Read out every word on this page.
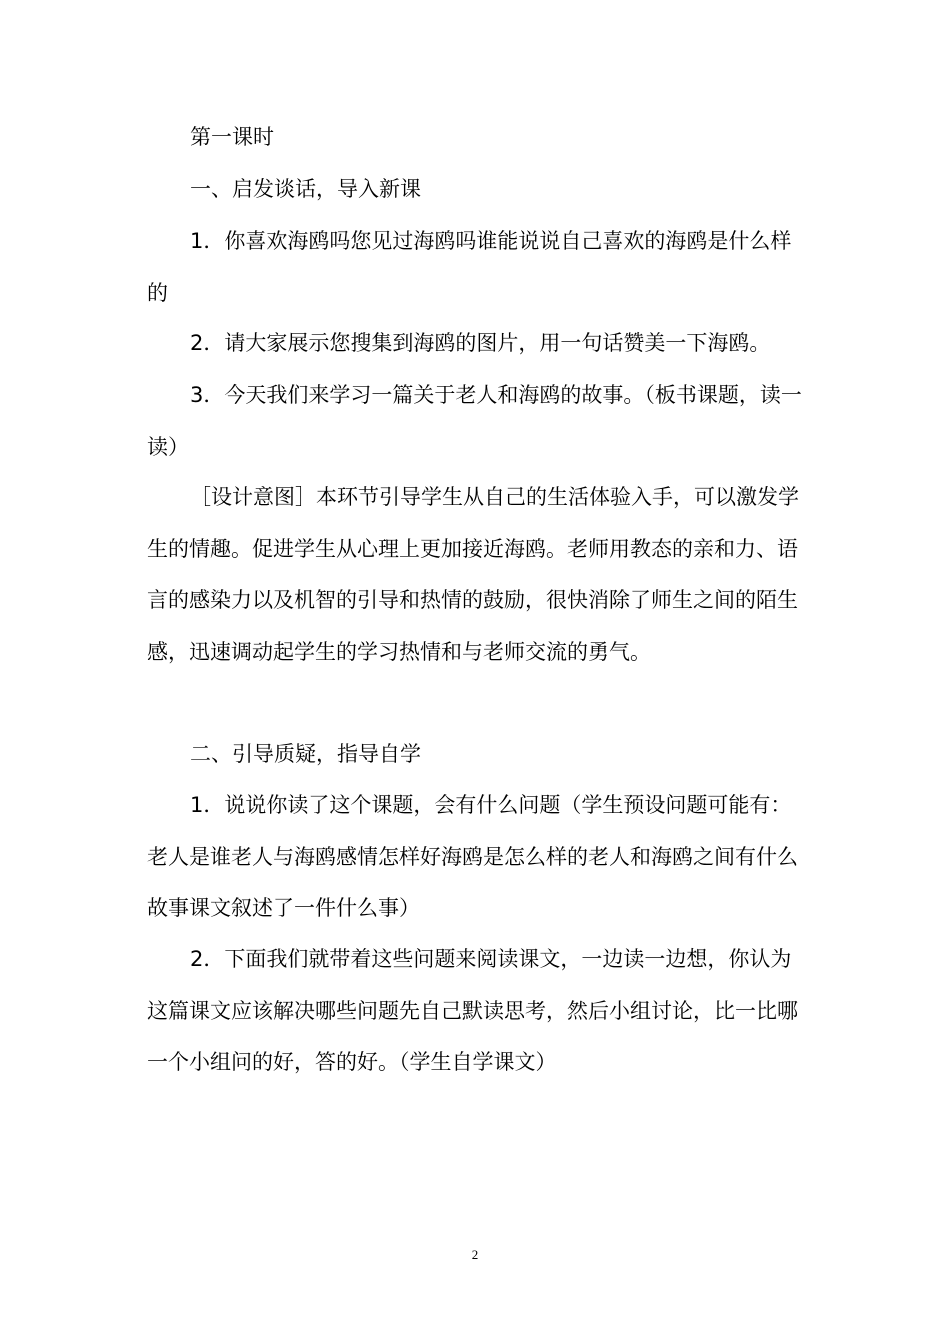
第一课时

一、启发谈话，导入新课

1．你喜欢海鸥吗您见过海鸥吗谁能说说自己喜欢的海鸥是什么样的

2．请大家展示您搜集到海鸥的图片，用一句话赞美一下海鸥。

3．今天我们来学习一篇关于老人和海鸥的故事。（板书课题，读一读）

［设计意图］本环节引导学生从自己的生活体验入手，可以激发学生的情趣。促进学生从心理上更加接近海鸥。老师用教态的亲和力、语言的感染力以及机智的引导和热情的鼓励，很快消除了师生之间的陌生感，迅速调动起学生的学习热情和与老师交流的勇气。

二、引导质疑，指导自学

1．说说你读了这个课题，会有什么问题（学生预设问题可能有：老人是谁老人与海鸥感情怎样好海鸥是怎么样的老人和海鸥之间有什么故事课文叙述了一件什么事）

2．下面我们就带着这些问题来阅读课文，一边读一边想，你认为这篇课文应该解决哪些问题先自己默读思考，然后小组讨论，比一比哪一个小组问的好，答的好。（学生自学课文）

2
